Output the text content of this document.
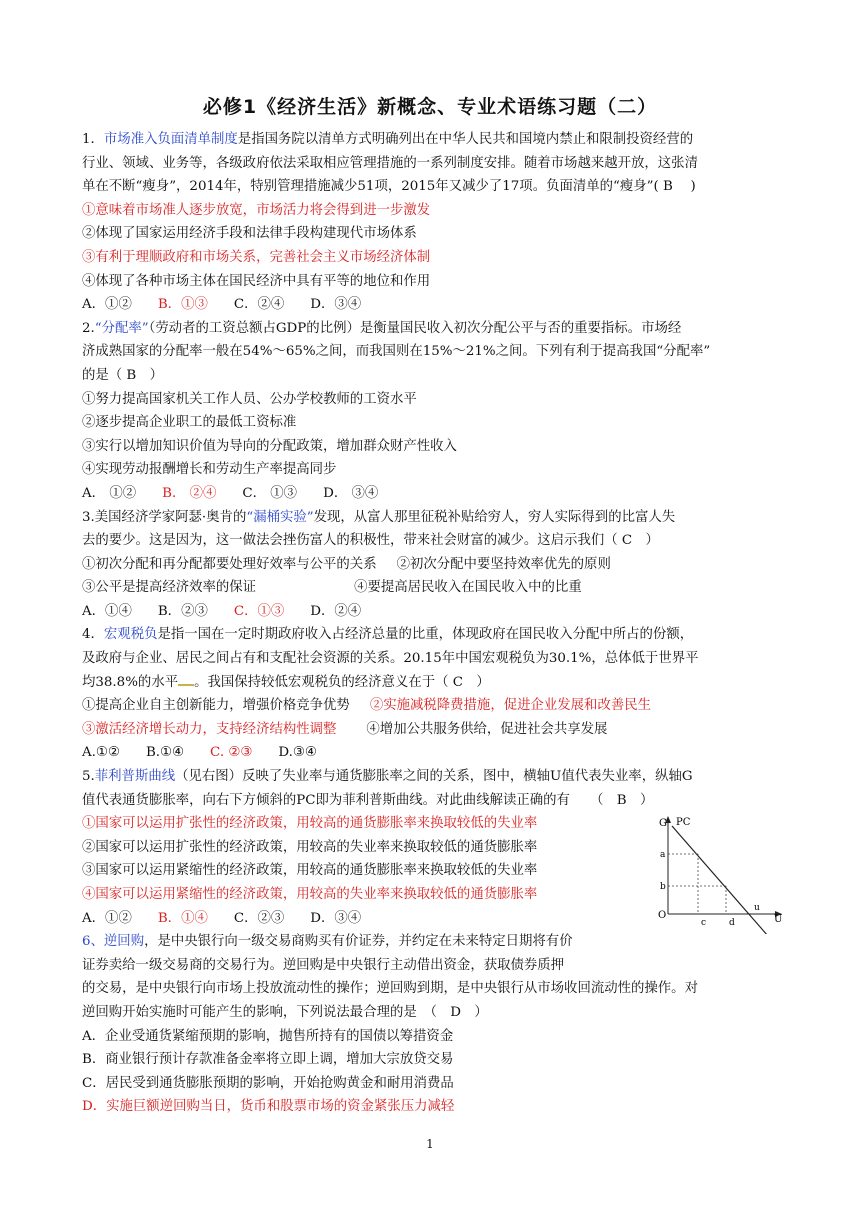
必修1《经济生活》新概念、专业术语练习题（二）
1．市场准入负面清单制度是指国务院以清单方式明确列出在中华人民共和国境内禁止和限制投资经营的
行业、领域、业务等，各级政府依法采取相应管理措施的一系列制度安排。随着市场越来越开放，这张清
单在不断“瘦身”，2014年，特别管理措施减少51项，2015年又减少了17项。负面清单的“瘦身”( B　 )
①意味着市场准人逐步放宽，市场活力将会得到进一步激发
②体现了国家运用经济手段和法律手段构建现代市场体系
③有利于理顺政府和市场关系，完善社会主义市场经济体制
④体现了各种市场主体在国民经济中具有平等的地位和作用
A．①② B．①③ C．②④ D．③④
2.“分配率”（劳动者的工资总额占GDP的比例）是衡量国民收入初次分配公平与否的重要指标。市场经
济成熟国家的分配率一般在54%～65%之间，而我国则在15%～21%之间。下列有利于提高我国“分配率”
的是（ B　）
①努力提高国家机关工作人员、公办学校教师的工资水平
②逐步提高企业职工的最低工资标准
③实行以增加知识价值为导向的分配政策，增加群众财产性收入
④实现劳动报酬增长和劳动生产率提高同步
A． ①② B． ②④ C． ①③ D． ③④
3.美国经济学家阿瑟·奥肯的“漏桶实验”发现，从富人那里征税补贴给穷人，穷人实际得到的比富人失
去的要少。这是因为，这一做法会挫伤富人的积极性，带来社会财富的减少。这启示我们（ C　）
①初次分配和再分配都要处理好效率与公平的关系 ②初次分配中要坚持效率优先的原则
③公平是提高经济效率的保证	④要提高居民收入在国民收入中的比重
A．①④ B．②③ C．①③ D．②④
4．宏观税负是指一国在一定时期政府收入占经济总量的比重，体现政府在国民收入分配中所占的份额，
及政府与企业、居民之间占有和支配社会资源的关系。20.15年中国宏观税负为30.1%，总体低于世界平
均38.8%的水平 。我国保持较低宏观税负的经济意义在于（ C　）
①提高企业自主创新能力，增强价格竞争优势 ②实施减税降费措施，促进企业发展和改善民生
③激活经济增长动力，支持经济结构性调整 ④增加公共服务供给，促进社会共享发展
A.①② B.①④ C. ②③ D.③④
5.菲利普斯曲线（见右图）反映了失业率与通货膨胀率之间的关系，图中，横轴U值代表失业率，纵轴G
值代表通货膨胀率，向右下方倾斜的PC即为菲利普斯曲线。对此曲线解读正确的有　　（　B　）
①国家可以运用扩张性的经济政策，用较高的通货膨胀率来换取较低的失业率
②国家可以运用扩张性的经济政策，用较高的失业率来换取较低的通货膨胀率
③国家可以运用紧缩性的经济政策，用较高的通货膨胀率来换取较低的失业率
④国家可以运用紧缩性的经济政策，用较高的失业率来换取较低的通货膨胀率
A．①② B．①④ C．②③ D．③④
6、逆回购，是中央银行向一级交易商购买有价证券，并约定在未来特定日期将有价
证券卖给一级交易商的交易行为。逆回购是中央银行主动借出资金，获取债券质押
的交易，是中央银行向市场上投放流动性的操作；逆回购到期，是中央银行从市场收回流动性的操作。对
逆回购开始实施时可能产生的影响，下列说法最合理的是　（　D　）
A．企业受通货紧缩预期的影响，抛售所持有的国债以筹措资金
B．商业银行预计存款准备金率将立即上调，增加大宗放贷交易
C．居民受到通货膨胀预期的影响，开始抢购黄金和耐用消费品
D．实施巨额逆回购当日，货币和股票市场的资金紧张压力减轻
G PC
O
a
b
c	d
u
U
1
